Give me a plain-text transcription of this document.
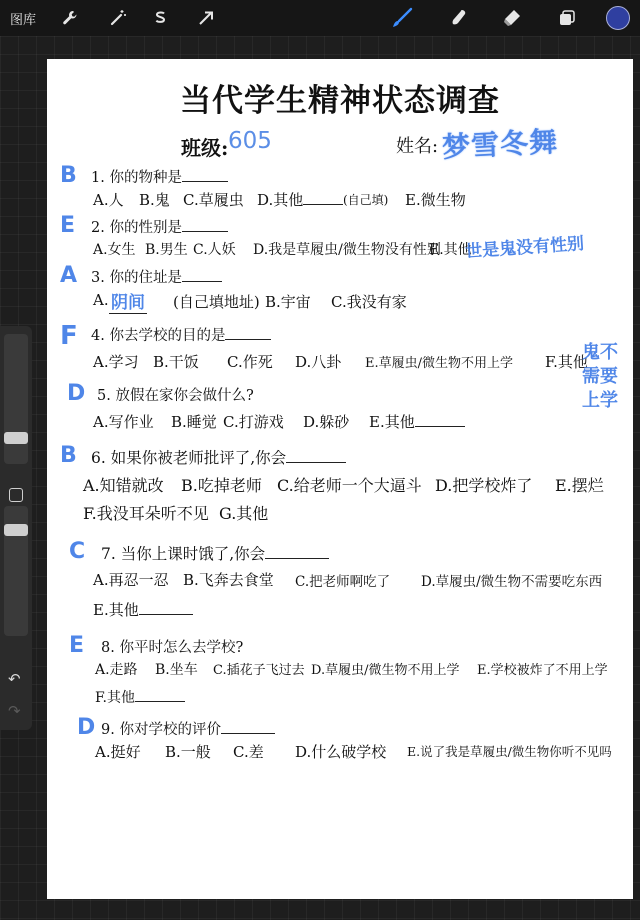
图库
↶
↷
当代学生精神状态调查
班级: 605	姓名: 梦雪冬舞
B 1. 你的物种是
A.人 B.鬼 C.草履虫 D.其他	(自己填) E.微生物
E 2. 你的性别是
A.女生 B.男生 C.人妖 D.我是草履虫/微生物没有性别
E.其他
世是鬼没有性别
A 3. 你的住址是
A. 阴间 (自己填地址) B.宇宙 C.我没有家
F 4. 你去学校的目的是
A.学习 B.干饭 C.作死 D.八卦 E.草履虫/微生物不用上学 F.其他
鬼不需要上学
D 5. 放假在家你会做什么?
A.写作业 B.睡觉 C.打游戏 D.躲砂 E.其他
B 6. 如果你被老师批评了,你会
A.知错就改 B.吃掉老师 C.给老师一个大逼斗 D.把学校炸了 E.摆烂
F.我没耳朵听不见 G.其他
C 7. 当你上课时饿了,你会
A.再忍一忍 B.飞奔去食堂 C.把老师啊吃了 D.草履虫/微生物不需要吃东西
E.其他
E 8. 你平时怎么去学校?
A.走路 B.坐车 C.插花子飞过去 D.草履虫/微生物不用上学 E.学校被炸了不用上学
F.其他
D 9. 你对学校的评价
A.挺好 B.一般 C.差 D.什么破学校 E.说了我是草履虫/微生物你听不见吗
